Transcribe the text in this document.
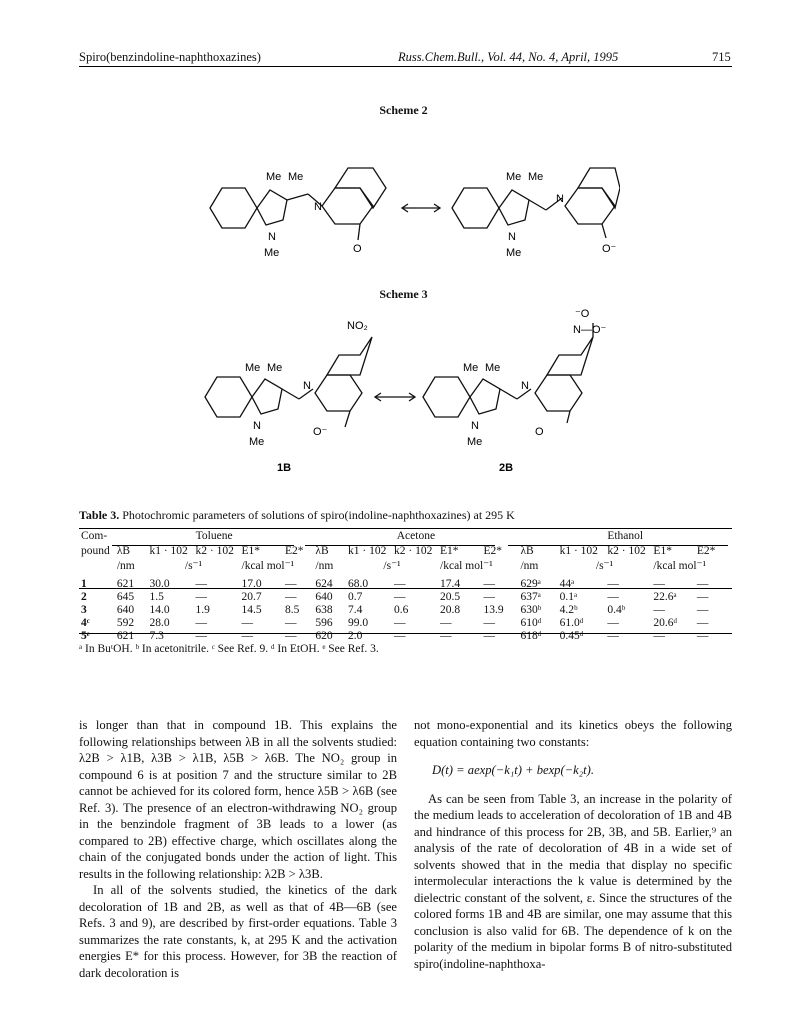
Spiro(benzindoline-naphthoxazines)	Russ.Chem.Bull., Vol. 44, No. 4, April, 1995	715
Scheme 2
Me Me
N
Me
N
O
Me Me
N
Me
N
O⁻
Scheme 3
NO₂
Me Me
N
Me
N
O⁻
1B
⁻O
N—O⁻
Me Me
N
Me
N
O
2B
Table 3. Photochromic parameters of solutions of spiro(indoline-naphthoxazines) at 295 K
Com-	Toluene					Acetone					Ethanol				
pound	λB	k1 · 102	k2 · 102	E1*	E2*	λB	k1 · 102	k2 · 102	E1*	E2*	λB	k1 · 102	k2 · 102	E1*	E2*
	/nm	/s⁻¹		/kcal mol⁻¹		/nm	/s⁻¹		/kcal mol⁻¹		/nm	/s⁻¹		/kcal mol⁻¹	

1	621	30.0	—	17.0	—	624	68.0	—	17.4	—	629ᵃ	44ᵃ	—	—	—
2	645	1.5	—	20.7	—	640	0.7	—	20.5	—	637ᵃ	0.1ᵃ	—	22.6ᵃ	—
3	640	14.0	1.9	14.5	8.5	638	7.4	0.6	20.8	13.9	630ᵇ	4.2ᵇ	0.4ᵇ	—	—
4ᶜ	592	28.0	—	—	—	596	99.0	—	—	—	610ᵈ	61.0ᵈ	—	20.6ᵈ	—
5ᵉ	621	7.3	—	—	—	620	2.0	—	—	—	618ᵈ	0.45ᵈ	—	—	—
ᵃ In BuᵗOH. ᵇ In acetonitrile. ᶜ See Ref. 9. ᵈ In EtOH. ᵉ See Ref. 3.

is longer than that in compound 1B. This explains the following relationships between λB in all the solvents studied: λ2B > λ1B, λ3B > λ1B, λ5B > λ6B. The NO₂ group in compound 6 is at position 7 and the structure similar to 2B cannot be achieved for its colored form, hence λ5B > λ6B (see Ref. 3). The presence of an electron-withdrawing NO₂ group in the benzindole fragment of 3B leads to a lower (as compared to 2B) effective charge, which oscillates along the chain of the conjugated bonds under the action of light. This results in the following relationship: λ2B > λ3B.

In all of the solvents studied, the kinetics of the dark decoloration of 1B and 2B, as well as that of 4B—6B (see Refs. 3 and 9), are described by first-order equations. Table 3 summarizes the rate constants, k, at 295 K and the activation energies E* for this process. However, for 3B the reaction of dark decoloration is

not mono-exponential and its kinetics obeys the following equation containing two constants:

D(t) = aexp(−k₁t) + bexp(−k₂t).

As can be seen from Table 3, an increase in the polarity of the medium leads to acceleration of decoloration of 1B and 4B and hindrance of this process for 2B, 3B, and 5B. Earlier,⁹ an analysis of the rate of decoloration of 4B in a wide set of solvents showed that in the media that display no specific intermolecular interactions the k value is determined by the dielectric constant of the solvent, ε. Since the structures of the colored forms 1B and 4B are similar, one may assume that this conclusion is also valid for 6B. The dependence of k on the polarity of the medium in bipolar forms B of nitro-substituted spiro(indoline-naphthoxa-
